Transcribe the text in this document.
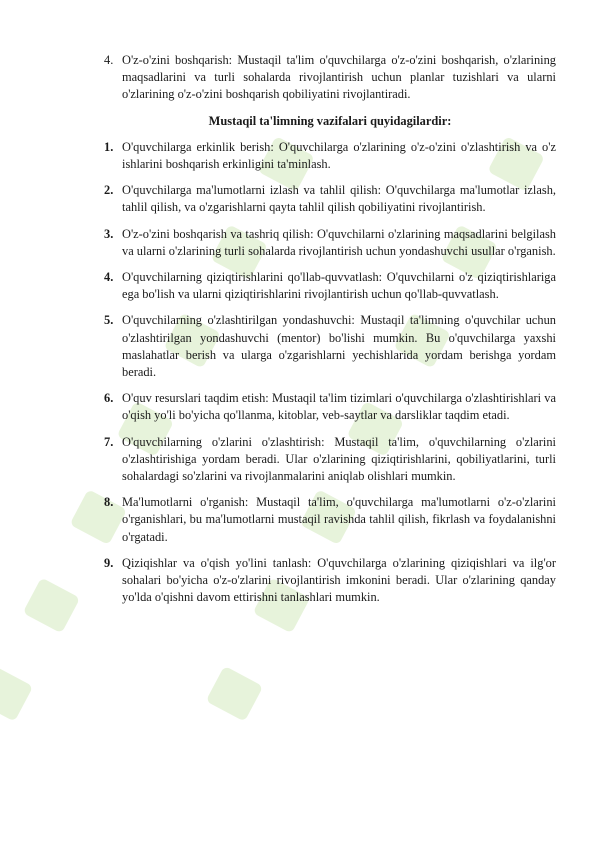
4. O'z-o'zini boshqarish: Mustaqil ta'lim o'quvchilarga o'z-o'zini boshqarish, o'zlarining maqsadlarini va turli sohalarda rivojlantirish uchun planlar tuzishlari va ularni o'zlarining o'z-o'zini boshqarish qobiliyatini rivojlantiradi.
Mustaqil ta'limning vazifalari quyidagilardir:
1. O'quvchilarga erkinlik berish: O'quvchilarga o'zlarining o'z-o'zini o'zlashtirish va o'z ishlarini boshqarish erkinligini ta'minlash.
2. O'quvchilarga ma'lumotlarni izlash va tahlil qilish: O'quvchilarga ma'lumotlar izlash, tahlil qilish, va o'zgarishlarni qayta tahlil qilish qobiliyatini rivojlantirish.
3. O'z-o'zini boshqarish va tashriq qilish: O'quvchilarni o'zlarining maqsadlarini belgilash va ularni o'zlarining turli sohalarda rivojlantirish uchun yondashuvchi usullar o'rganish.
4. O'quvchilarning qiziqtirishlarini qo'llab-quvvatlash: O'quvchilarni o'z qiziqtirishlariga ega bo'lish va ularni qiziqtirishlarini rivojlantirish uchun qo'llab-quvvatlash.
5. O'quvchilarning o'zlashtirilgan yondashuvchi: Mustaqil ta'limning o'quvchilar uchun o'zlashtirilgan yondashuvchi (mentor) bo'lishi mumkin. Bu o'quvchilarga yaxshi maslahatlar berish va ularga o'zgarishlarni yechishlarida yordam berishga yordam beradi.
6. O'quv resurslari taqdim etish: Mustaqil ta'lim tizimlari o'quvchilarga o'zlashtirishlari va o'qish yo'li bo'yicha qo'llanma, kitoblar, veb-saytlar va darsliklar taqdim etadi.
7. O'quvchilarning o'zlarini o'zlashtirish: Mustaqil ta'lim, o'quvchilarning o'zlarini o'zlashtirishiga yordam beradi. Ular o'zlarining qiziqtirishlarini, qobiliyatlarini, turli sohalardagi so'zlarini va rivojlanmalarini aniqlab olishlari mumkin.
8. Ma'lumotlarni o'rganish: Mustaqil ta'lim, o'quvchilarga ma'lumotlarni o'z-o'zlarini o'rganishlari, bu ma'lumotlarni mustaqil ravishda tahlil qilish, fikrlash va foydalanishni o'rgatadi.
9. Qiziqishlar va o'qish yo'lini tanlash: O'quvchilarga o'zlarining qiziqishlari va ilg'or sohalari bo'yicha o'z-o'zlarini rivojlantirish imkonini beradi. Ular o'zlarining qanday yo'lda o'qishni davom ettirishni tanlashlari mumkin.
